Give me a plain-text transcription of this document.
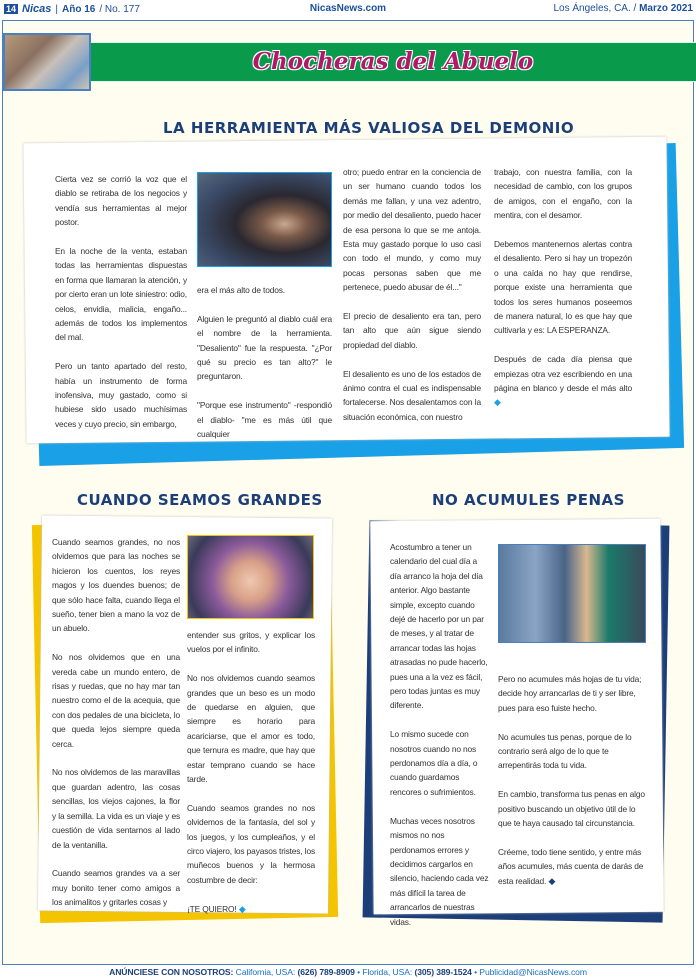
14 Nicas | Año 16 / No. 177	NicasNews.com	Los Ángeles, CA. / Marzo 2021
Chocheras del Abuelo
LA HERRAMIENTA MÁS VALIOSA DEL DEMONIO

Cierta vez se corrió la voz que el diablo se retiraba de los negocios y vendía sus herramientas al mejor postor.

En la noche de la venta, estaban todas las herramientas dispuestas en forma que llamaran la atención, y por cierto eran un lote siniestro: odio, celos, envidia, malicia, engaño... además de todos los implementos del mal.

Pero un tanto apartado del resto, había un instrumento de forma inofensiva, muy gastado, como si hubiese sido usado muchísimas veces y cuyo precio, sin embargo,

era el más alto de todos.

Alguien le preguntó al diablo cuál era el nombre de la herramienta. "Desaliento" fue la respuesta. "¿Por qué su precio es tan alto?" le preguntaron.

"Porque ese instrumento" -respondió el diablo- "me es más útil que cualquier

otro; puedo entrar en la conciencia de un ser humano cuando todos los demás me fallan, y una vez adentro, por medio del desaliento, puedo hacer de esa persona lo que se me antoja. Esta muy gastado porque lo uso casi con todo el mundo, y como muy pocas personas saben que me pertenece, puedo abusar de él..."

El precio de desaliento era tan, pero tan alto que aún sigue siendo propiedad del diablo.

El desaliento es uno de los estados de ánimo contra el cual es indispensable fortalecerse. Nos desalentamos con la situación económica, con nuestro

trabajo, con nuestra familia, con la necesidad de cambio, con los grupos de amigos, con el engaño, con la mentira, con el desamor.

Debemos mantenernos alertas contra el desaliento. Pero si hay un tropezón o una caída no hay que rendirse, porque existe una herramienta que todos los seres humanos poseemos de manera natural, lo es que hay que cultivarla y es: LA ESPERANZA.

Después de cada día piensa que empiezas otra vez escribiendo en una página en blanco y desde el más alto ◆

CUANDO SEAMOS GRANDES

Cuando seamos grandes, no nos olvidemos que para las noches se hicieron los cuentos, los reyes magos y los duendes buenos; de que sólo hace falta, cuando llega el sueño, tener bien a mano la voz de un abuelo.

No nos olvidemos que en una vereda cabe un mundo entero, de risas y ruedas, que no hay mar tan nuestro como el de la acequia, que con dos pedales de una bicicleta, lo que queda lejos siempre queda cerca.

No nos olvidemos de las maravillas que guardan adentro, las cosas sencillas, los viejos cajones, la flor y la semilla. La vida es un viaje y es cuestión de vida sentarnos al lado de la ventanilla.

Cuando seamos grandes va a ser muy bonito tener como amigos a los animalitos y gritarles cosas y

entender sus gritos, y explicar los vuelos por el infinito.

No nos olvidemos cuando seamos grandes que un beso es un modo de quedarse en alguien, que siempre es horario para acariciarse, que el amor es todo, que ternura es madre, que hay que estar temprano cuando se hace tarde.

Cuando seamos grandes no nos olvidemos de la fantasía, del sol y los juegos, y los cumpleaños, y el circo viajero, los payasos tristes, los muñecos buenos y la hermosa costumbre de decir:

¡TE QUIERO! ◆

NO ACUMULES PENAS

Acostumbro a tener un calendario del cual día a día arranco la hoja del día anterior. Algo bastante simple, excepto cuando dejé de hacerlo por un par de meses, y al tratar de arrancar todas las hojas atrasadas no pude hacerlo, pues una a la vez es fácil, pero todas juntas es muy diferente.

Lo mismo sucede con nosotros cuando no nos perdonamos día a día, o cuando guardamos rencores o sufrimientos.

Muchas veces nosotros mismos no nos perdonamos errores y decidimos cargarlos en silencio, haciendo cada vez más difícil la tarea de arrancarlos de nuestras vidas.

Pero no acumules más hojas de tu vida; decide hoy arrancarlas de ti y ser libre, pues para eso fuiste hecho.

No acumules tus penas, porque de lo contrario será algo de lo que te arrepentirás toda tu vida.

En cambio, transforma tus penas en algo positivo buscando un objetivo útil de lo que te haya causado tal circunstancia.

Créeme, todo tiene sentido, y entre más años acumules, más cuenta de darás de esta realidad. ◆

ANÚNCIESE CON NOSOTROS: California, USA: (626) 789-8909 • Florida, USA: (305) 389-1524 • Publicidad@NicasNews.com
